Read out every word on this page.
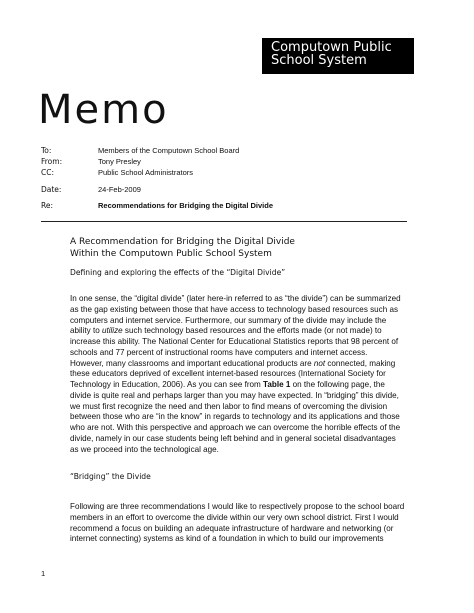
Computown Public
School System
Memo
To:	Members of the Computown School Board
From:	Tony Presley
CC:	Public School Administrators
Date:	24-Feb-2009
Re:	Recommendations for Bridging the Digital Divide
A Recommendation for Bridging the Digital Divide
Within the Computown Public School System
Defining and exploring the effects of the “Digital Divide”
In one sense, the “digital divide” (later here-in referred to as “the divide”) can be summarized
as the gap existing between those that have access to technology based resources such as
computers and internet service. Furthermore, our summary of the divide may include the
ability to utilize such technology based resources and the efforts made (or not made) to
increase this ability. The National Center for Educational Statistics reports that 98 percent of
schools and 77 percent of instructional rooms have computers and internet access.
However, many classrooms and important educational products are not connected, making
these educators deprived of excellent internet-based resources (International Society for
Technology in Education, 2006). As you can see from Table 1 on the following page, the
divide is quite real and perhaps larger than you may have expected. In “bridging” this divide,
we must first recognize the need and then labor to find means of overcoming the division
between those who are “in the know” in regards to technology and its applications and those
who are not. With this perspective and approach we can overcome the horrible effects of the
divide, namely in our case students being left behind and in general societal disadvantages
as we proceed into the technological age.
“Bridging” the Divide
Following are three recommendations I would like to respectively propose to the school board
members in an effort to overcome the divide within our very own school district. First I would
recommend a focus on building an adequate infrastructure of hardware and networking (or
internet connecting) systems as kind of a foundation in which to build our improvements
1
